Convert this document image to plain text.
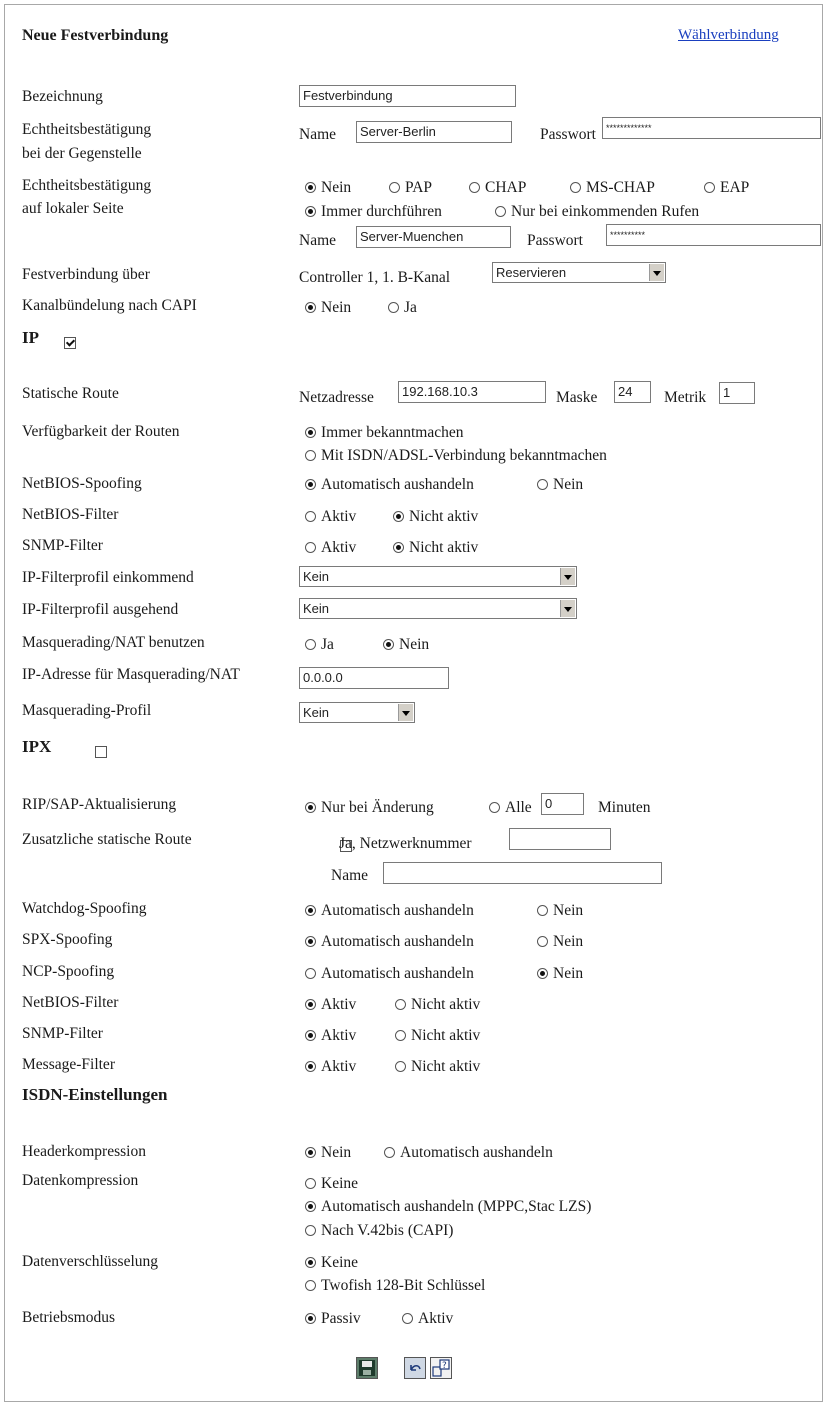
Neue Festverbindung	Wählverbindung
Bezeichnung	Festverbindung
Echtheitsbestätigung
bei der Gegenstelle
Name	Server-Berlin	Passwort	*************
Echtheitsbestätigung
auf lokaler Seite
Nein	PAP	CHAP	MS-CHAP	EAP
Immer durchführen	Nur bei einkommenden Rufen
Name	Server-Muenchen	Passwort	**********
Festverbindung über	Controller 1, 1. B-Kanal	Reservieren
Kanalbündelung nach CAPI	Nein	Ja
IP

Statische Route	Netzadresse	192.168.10.3	Maske	24	Metrik	1
Verfügbarkeit der Routen	Immer bekanntmachen
Mit ISDN/ADSL-Verbindung bekanntmachen
NetBIOS-Spoofing	Automatisch aushandeln	Nein
NetBIOS-Filter	Aktiv	Nicht aktiv
SNMP-Filter	Aktiv	Nicht aktiv
IP-Filterprofil einkommend	Kein
IP-Filterprofil ausgehend	Kein
Masquerading/NAT benutzen	Ja	Nein
IP-Adresse für Masquerading/NAT	0.0.0.0
Masquerading-Profil	Kein
IPX

RIP/SAP-Aktualisierung	Nur bei Änderung	Alle	0	Minuten
Zusatzliche statische Route	Ja, Netzwerknummer
Name
Watchdog-Spoofing	Automatisch aushandeln	Nein
SPX-Spoofing	Automatisch aushandeln	Nein
NCP-Spoofing	Automatisch aushandeln	Nein
NetBIOS-Filter	Aktiv	Nicht aktiv
SNMP-Filter	Aktiv	Nicht aktiv
Message-Filter	Aktiv	Nicht aktiv
ISDN-Einstellungen
Headerkompression	Nein	Automatisch aushandeln
Datenkompression	Keine
Automatisch aushandeln (MPPC,Stac LZS)
Nach V.42bis (CAPI)
Datenverschlüsselung	Keine
Twofish 128-Bit Schlüssel
Betriebsmodus	Passiv	Aktiv
?
